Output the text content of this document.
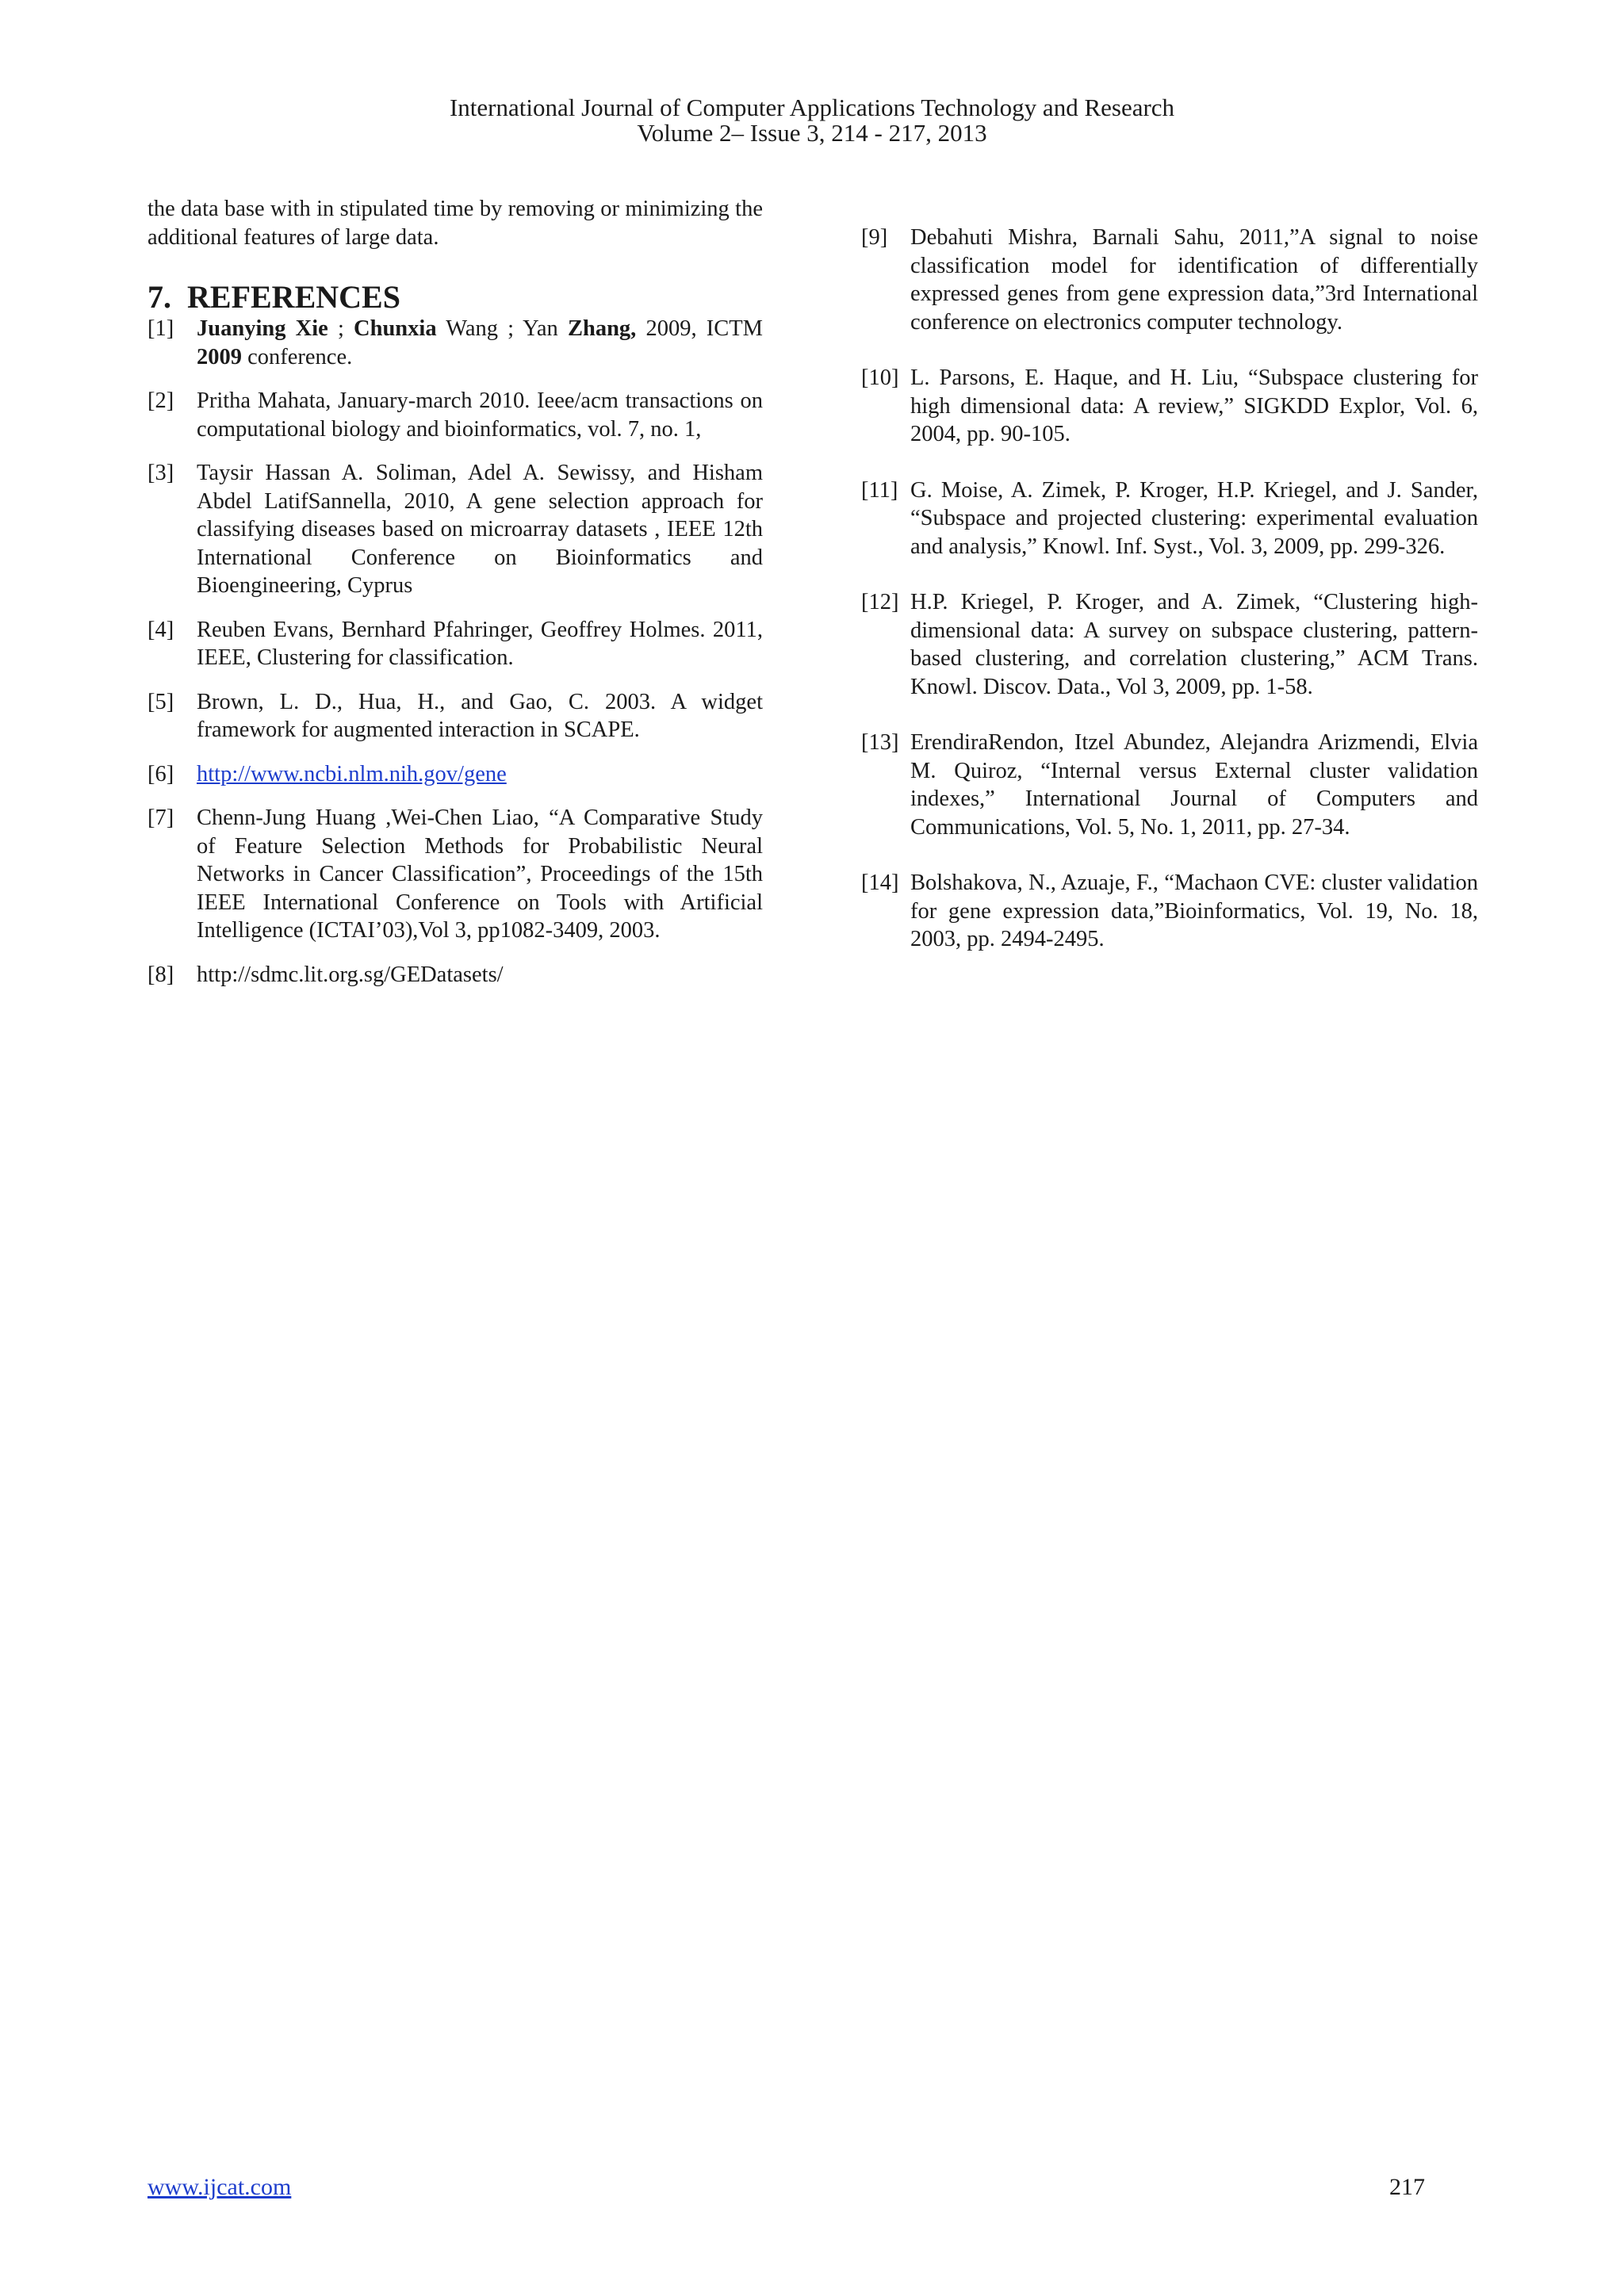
International Journal of Computer Applications Technology and Research
Volume 2– Issue 3, 214 - 217, 2013

the data base with in stipulated time by removing or minimizing the additional features of large data.

7. REFERENCES
[1] Juanying Xie ; Chunxia Wang ; Yan Zhang, 2009, ICTM 2009 conference.
[2] Pritha Mahata, January-march 2010. Ieee/acm transactions on computational biology and bioinformatics, vol. 7, no. 1,
[3] Taysir Hassan A. Soliman, Adel A. Sewissy, and Hisham Abdel LatifSannella, 2010, A gene selection approach for classifying diseases based on microarray datasets , IEEE 12th International Conference on Bioinformatics and Bioengineering, Cyprus
[4] Reuben Evans, Bernhard Pfahringer, Geoffrey Holmes. 2011, IEEE, Clustering for classification.
[5] Brown, L. D., Hua, H., and Gao, C. 2003. A widget framework for augmented interaction in SCAPE.
[6] http://www.ncbi.nlm.nih.gov/gene
[7] Chenn-Jung Huang ,Wei-Chen Liao, “A Comparative Study of Feature Selection Methods for Probabilistic Neural Networks in Cancer Classification”, Proceedings of the 15th IEEE International Conference on Tools with Artificial Intelligence (ICTAI’03),Vol 3, pp1082-3409, 2003.
[8] http://sdmc.lit.org.sg/GEDatasets/
[9] Debahuti Mishra, Barnali Sahu, 2011,”A signal to noise classification model for identification of differentially expressed genes from gene expression data,”3rd International conference on electronics computer technology.
[10] L. Parsons, E. Haque, and H. Liu, “Subspace clustering for high dimensional data: A review,” SIGKDD Explor, Vol. 6, 2004, pp. 90-105.
[11] G. Moise, A. Zimek, P. Kroger, H.P. Kriegel, and J. Sander, “Subspace and projected clustering: experimental evaluation and analysis,” Knowl. Inf. Syst., Vol. 3, 2009, pp. 299-326.
[12] H.P. Kriegel, P. Kroger, and A. Zimek, “Clustering high-dimensional data: A survey on subspace clustering, pattern-based clustering, and correlation clustering,” ACM Trans. Knowl. Discov. Data., Vol 3, 2009, pp. 1-58.
[13] ErendiraRendon, Itzel Abundez, Alejandra Arizmendi, Elvia M. Quiroz, “Internal versus External cluster validation indexes,” International Journal of Computers and Communications, Vol. 5, No. 1, 2011, pp. 27-34.
[14] Bolshakova, N., Azuaje, F., “Machaon CVE: cluster validation for gene expression data,”Bioinformatics, Vol. 19, No. 18, 2003, pp. 2494-2495.
www.ijcat.com	217
